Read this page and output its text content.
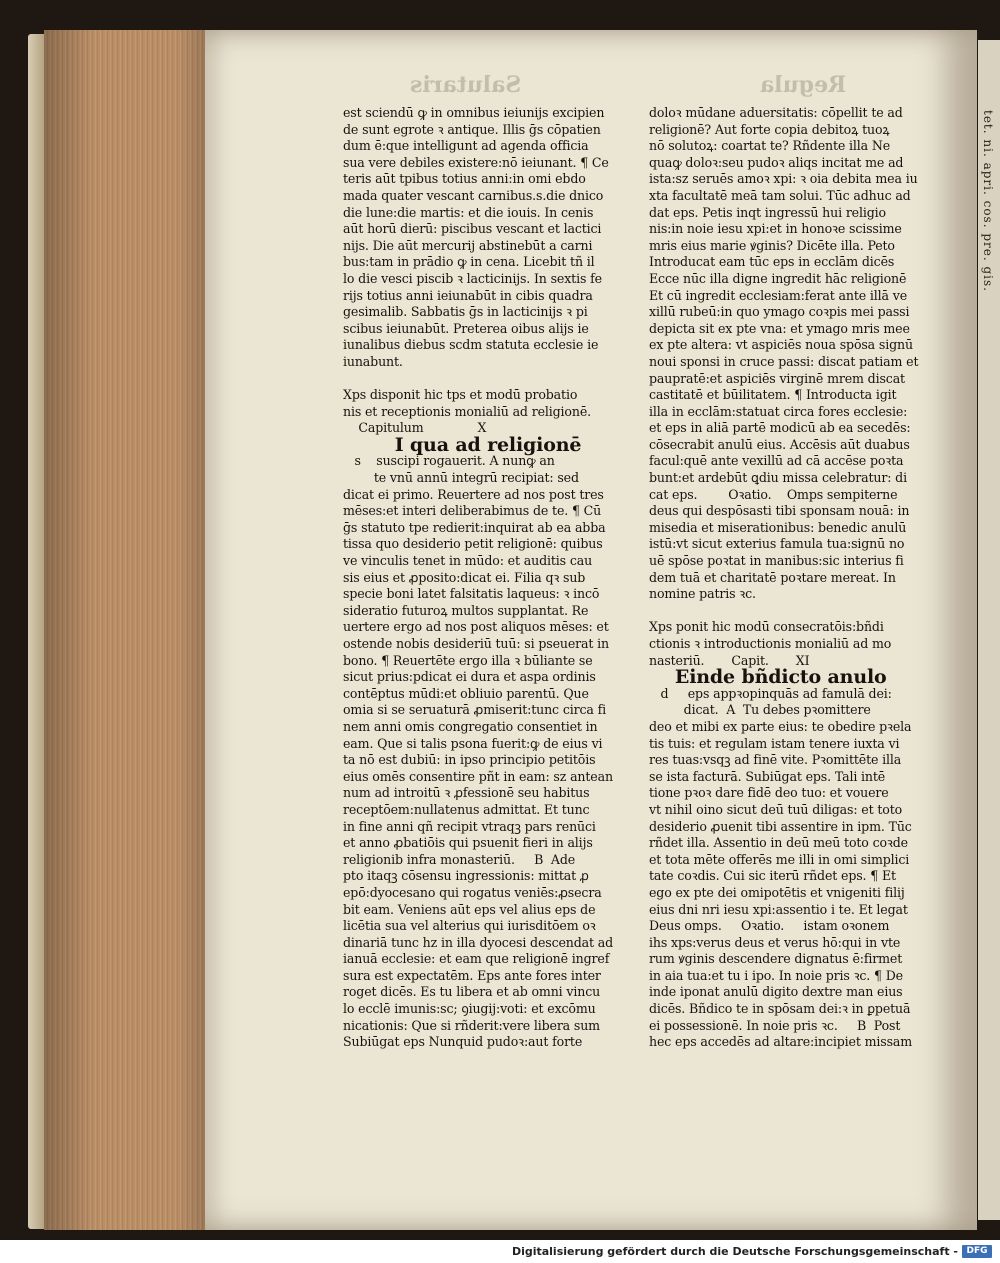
tet. ni. apri. cos. pre. gis.
Salutaris	Regula
est sciendū ꝙ in omnibus ieiunijs excipien
de sunt egrote ꝛ antique. Illis ḡs cōpatien
dum ē:que intelligunt ad agenda officia
sua vere debiles existere:nō ieiunant. ¶ Ce
teris aūt tpibus totius anni:in omi ebdo
mada quater vescant carnibus.s.die dnico
die lune:die martis: et die iouis. In cenis
aūt horū dierū: piscibus vescant et lactici
nijs. Die aūt mercurij abstinebūt a carni
bus:tam in prādio ꝙ in cena. Licebit tñ il
lo die vesci piscib ꝛ lacticinijs. In sextis fe
rijs totius anni ieiunabūt in cibis quadra
gesimalib. Sabbatis ḡs in lacticinijs ꝛ pi
scibus ieiunabūt. Preterea oibus alijs ie
iunalibus diebus scdm statuta ecclesie ie
iunabunt.
Xps disponit hic tps et modū probatio
nis et receptionis monialiū ad religionē.
Capitulum              X
I qua ad religionē
s    suscipi rogauerit. A nunꝙ an
te vnū annū integrū recipiat: sed
dicat ei primo. Reuertere ad nos post tres
mēses:et interi deliberabimus de te. ¶ Cū
ḡs statuto tpe redierit:inquirat ab ea abba
tissa quo desiderio petit religionē: quibus
ve vinculis tenet in mūdo: et auditis cau
sis eius et ꝓposito:dicat ei. Filia qꝛ sub
specie boni latet falsitatis laqueus: ꝛ incō
sideratio futuroꝝ multos supplantat. Re
uertere ergo ad nos post aliquos mēses: et
ostende nobis desideriū tuū: si pseuerat in
bono. ¶ Reuertēte ergo illa ꝛ būliante se
sicut prius:pdicat ei dura et aspa ordinis
contēptus mūdi:et obliuio parentū. Que
omia si se seruaturā ꝓmiserit:tunc circa fi
nem anni omis congregatio consentiet in
eam. Que si talis psona fuerit:ꝙ de eius vi
ta nō est dubiū: in ipso principio petitōis
eius omēs consentire pñt in eam: sz antean
num ad introitū ꝛ ꝓfessionē seu habitus
receptōem:nullatenus admittat. Et tunc
in fine anni qñ recipit vtraqꝫ pars renūci
et anno ꝓbatiōis qui psuenit fieri in alijs
religionib infra monasteriū.     B  Ade
pto itaqꝫ cōsensu ingressionis: mittat ꝓ
epō:dyocesano qui rogatus veniēs:ꝓsecra
bit eam. Veniens aūt eps vel alius eps de
licētia sua vel alterius qui iurisditōem oꝛ
dinariā tunc hz in illa dyocesi descendat ad
ianuā ecclesie: et eam que religionē ingref
sura est expectatēm. Eps ante fores inter
roget dicēs. Es tu libera et ab omni vincu
lo ecclē imunis:sc; ꝯiugij:voti: et excōmu
nicationis: Que si rñderit:vere libera sum
Subiūgat eps Nunquid pudoꝛ:aut forte
doloꝛ mūdane aduersitatis: cōpellit te ad
religionē? Aut forte copia debitoꝝ tuoꝝ
nō solutoꝝ: coartat te? Rñdente illa Ne
quaꝙ doloꝛ:seu pudoꝛ aliqs incitat me ad
ista:sz seruēs amoꝛ xpi: ꝛ oia debita mea iu
xta facultatē meā tam solui. Tūc adhuc ad
dat eps. Petis inqt ingressū hui religio
nis:in noie iesu xpi:et in honoꝛe scissime
mris eius marie ꝟginis? Dicēte illa. Peto
Introducat eam tūc eps in ecclām dicēs
Ecce nūc illa digne ingredit hāc religionē
Et cū ingredit ecclesiam:ferat ante illā ve
xillū rubeū:in quo ymago coꝛpis mei passi
depicta sit ex pte vna: et ymago mris mee
ex pte altera: vt aspiciēs noua spōsa signū
noui sponsi in cruce passi: discat patiam et
paupratē:et aspiciēs virginē mrem discat
castitatē et būilitatem. ¶ Introducta igit
illa in ecclām:statuat circa fores ecclesie:
et eps in aliā partē modicū ab ea secedēs:
cōsecrabit anulū eius. Accēsis aūt duabus
facul:quē ante vexillū ad cā accēse poꝛta
bunt:et ardebūt ꝗdiu missa celebratur: di
cat eps.        Oꝛatio.    Omps sempiterne
deus qui despōsasti tibi sponsam nouā: in
misedia et miserationibus: benedic anulū
istū:vt sicut exterius famula tua:signū no
uē spōse poꝛtat in manibus:sic interius fi
dem tuā et charitatē poꝛtare mereat. In
nomine patris ꝛc.
Xps ponit hic modū consecratōis:bñdi
ctionis ꝛ introductionis monialiū ad mo
nasteriū.       Capit.       XI
Einde bñdicto anulo
d     eps appꝛopinquās ad famulā dei:
dicat.  A  Tu debes pꝛomittere
deo et mibi ex parte eius: te obedire pꝛela
tis tuis: et regulam istam tenere iuxta vi
res tuas:vsqꝫ ad finē vite. Pꝛomittēte illa
se ista facturā. Subiūgat eps. Tali intē
tione pꝛoꝛ dare fidē deo tuo: et vouere
vt nihil oino sicut deū tuū diligas: et toto
desiderio ꝓuenit tibi assentire in ipm. Tūc
rñdet illa. Assentio in deū meū toto coꝛde
et tota mēte offerēs me illi in omi simplici
tate coꝛdis. Cui sic iterū rñdet eps. ¶ Et
ego ex pte dei omipotētis et vnigeniti filij
eius dni nri iesu xpi:assentio i te. Et legat
Deus omps.     Oꝛatio.     istam oꝛonem
ihs xps:verus deus et verus hō:qui in vte
rum ꝟginis descendere dignatus ē:firmet
in aia tua:et tu i ipo. In noie pris ꝛc. ¶ De
inde iponat anulū digito dextre man eius
dicēs. Bñdico te in spōsam dei:ꝛ in ꝑpetuā
ei possessionē. In noie pris ꝛc.     B  Post
hec eps accedēs ad altare:incipiet missam
Digitalisierung gefördert durch die Deutsche Forschungsgemeinschaft - DFG
